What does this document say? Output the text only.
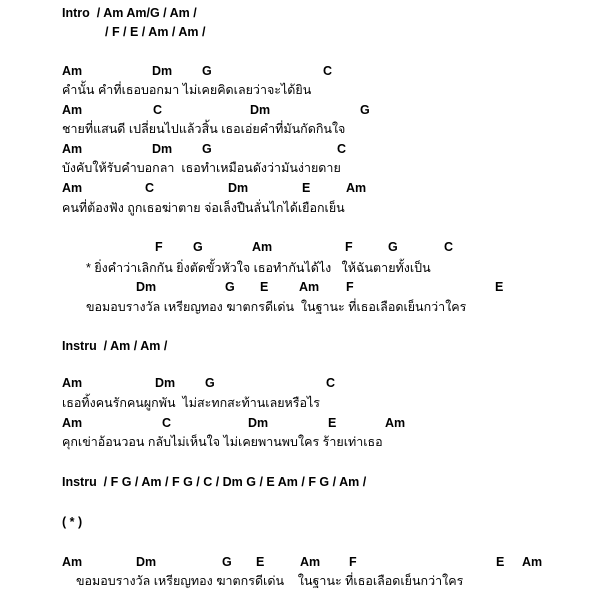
Intro  / Am Am/G / Am /
/ F / E / Am / Am /
Am	Dm G	C
คำนั้น คำที่เธอบอกมา ไม่เคยคิดเลยว่าจะได้ยิน
Am	C	Dm	G
ชายที่แสนดี เปลี่ยนไปแล้วสิ้น เธอเอ่ยคำที่มันกัดกินใจ
Am	Dm G	C
บังคับให้รับคำบอกลา  เธอทำเหมือนดังว่ามันง่ายดาย
Am	C	Dm	E	Am
คนที่ต้องฟัง ถูกเธอฆ่าตาย จ่อเล็งปืนลั่นไกได้เยือกเย็น
F G	Am	F	G	C
* ยิ่งคำว่าเลิกกัน ยิ่งตัดขั้วหัวใจ เธอทำกันได้ไง   ให้ฉันตายทั้งเป็น
Dm	G E Am F	E
ขอมอบรางวัล เหรียญทอง ฆาตกรดีเด่น  ในฐานะ ที่เธอเลือดเย็นกว่าใคร
Instru  / Am / Am /
Am	Dm G	C
เธอทิ้งคนรักคนผูกพัน  ไม่สะทกสะท้านเลยหรือไร
Am	C	Dm	E	Am
คุกเข่าอ้อนวอน กลับไม่เห็นใจ ไม่เคยพานพบใคร ร้ายเท่าเธอ
Instru  / F G / Am / F G / C / Dm G / E Am / F G / Am /
( * )
Am	Dm	G E	Am F	E Am
ขอมอบรางวัล เหรียญทอง ฆาตกรดีเด่น    ในฐานะ ที่เธอเลือดเย็นกว่าใคร
